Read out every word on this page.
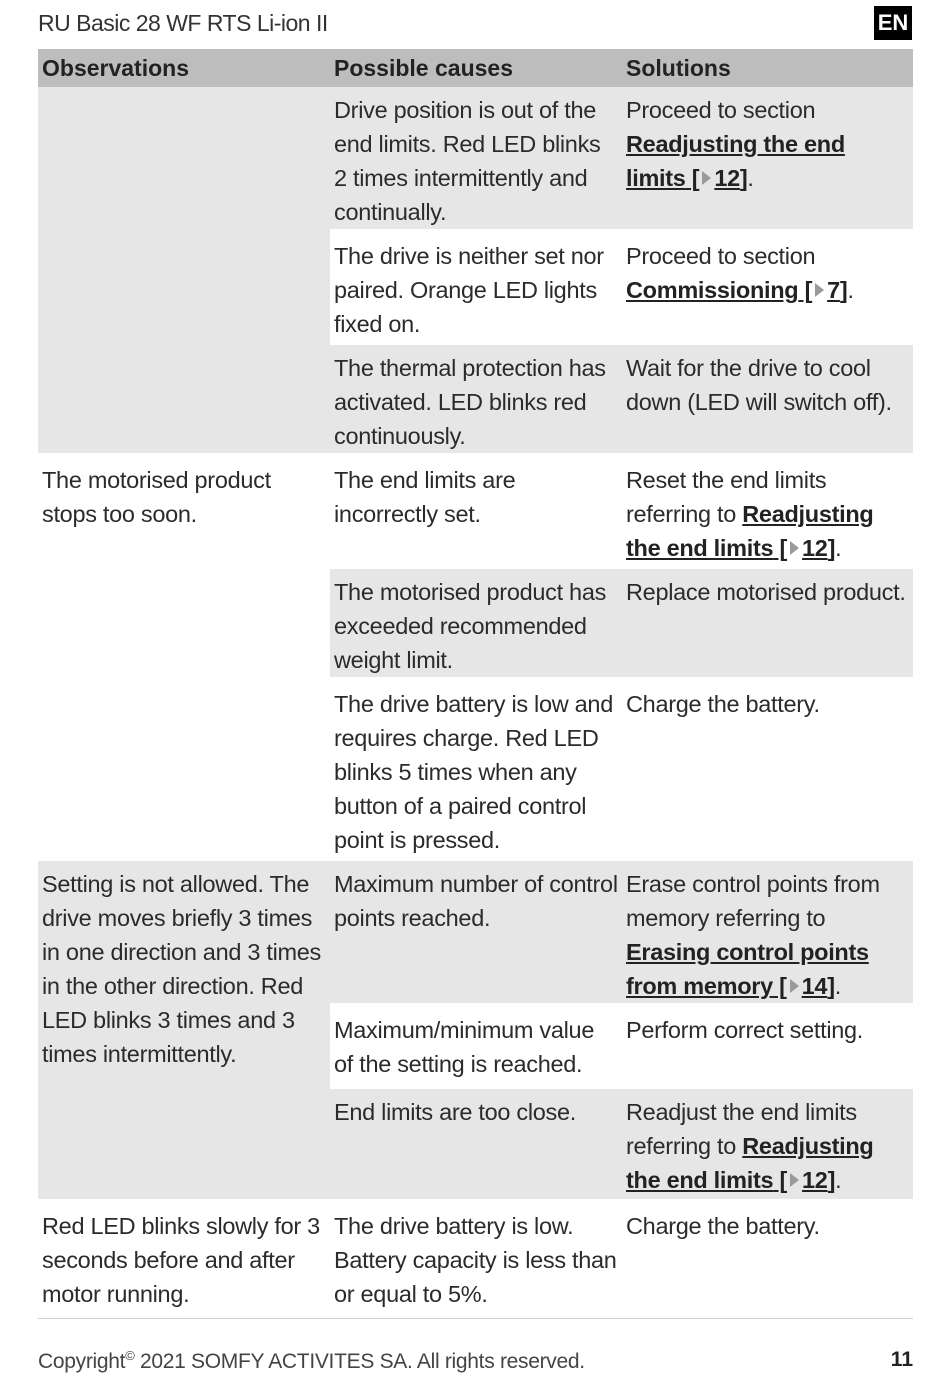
RU Basic 28 WF RTS Li-ion II	EN
Observations	Possible causes	Solutions
	Drive position is out of the end limits. Red LED blinks 2 times intermittently and continually.	Proceed to section Readjusting the end limits [ 12].
	The drive is neither set nor paired. Orange LED lights fixed on.	Proceed to section Commissioning [ 7].
	The thermal protection has activated. LED blinks red continuously.	Wait for the drive to cool down (LED will switch off).
The motorised product stops too soon.	The end limits are incorrectly set.	Reset the end limits referring to Readjusting the end limits [ 12].
	The motorised product has exceeded recommended weight limit.	Replace motorised product.
	The drive battery is low and requires charge. Red LED blinks 5 times when any button of a paired control point is pressed.	Charge the battery.
Setting is not allowed. The drive moves briefly 3 times in one direction and 3 times in the other direction. Red LED blinks 3 times and 3 times intermittently.	Maximum number of control points reached.	Erase control points from memory referring to Erasing control points from memory [ 14].
	Maximum/minimum value of the setting is reached.	Perform correct setting.
	End limits are too close.	Readjust the end limits referring to Readjusting the end limits [ 12].
Red LED blinks slowly for 3 seconds before and after motor running.	The drive battery is low. Battery capacity is less than or equal to 5%.	Charge the battery.
Copyright© 2021 SOMFY ACTIVITES SA. All rights reserved.	11
